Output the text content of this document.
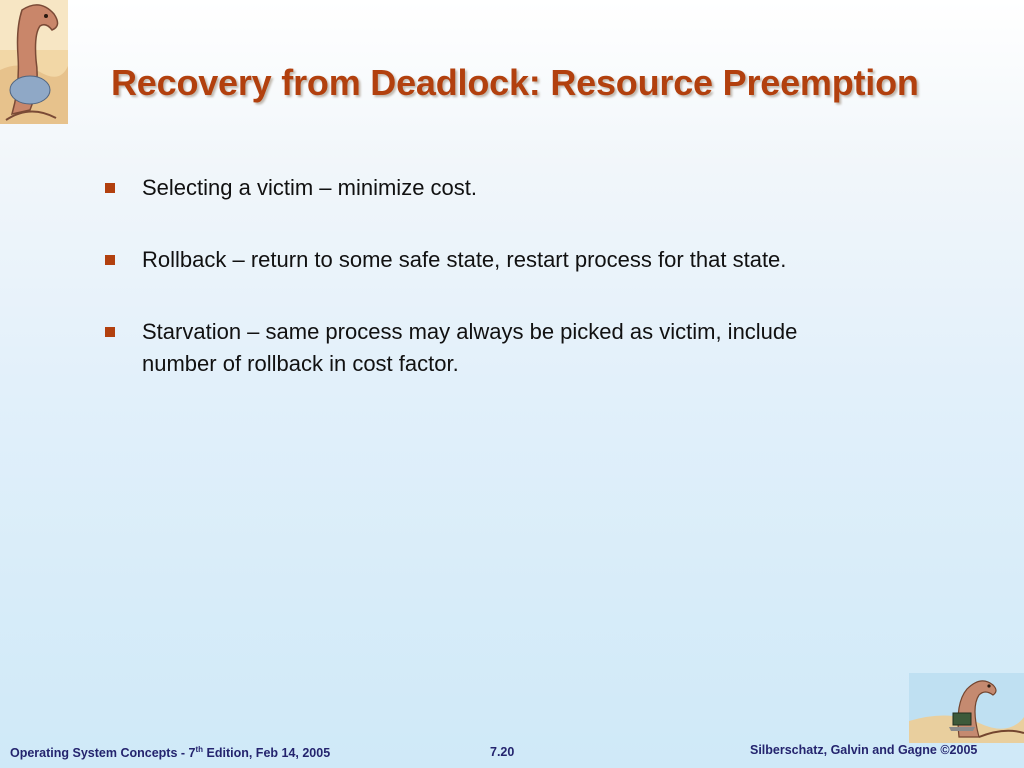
Recovery from Deadlock: Resource Preemption
Selecting a victim – minimize cost.
Rollback – return to some safe state, restart process for that state.
Starvation – same process may always be picked as victim, include number of rollback in cost factor.
Operating System Concepts - 7th Edition, Feb 14, 2005	7.20	Silberschatz, Galvin and Gagne ©2005
